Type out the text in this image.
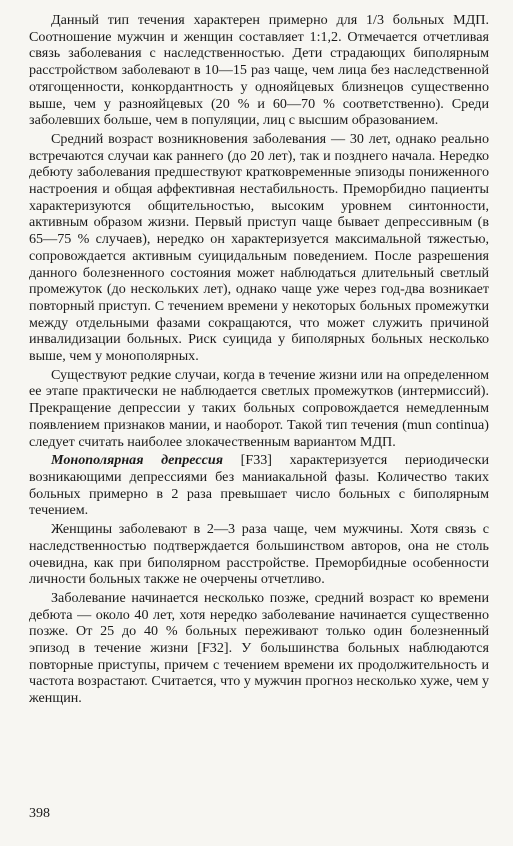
Данный тип течения характерен примерно для 1/3 больных МДП. Соотношение мужчин и женщин составляет 1:1,2. Отмечается отчетливая связь заболевания с наследственностью. Дети страдающих биполярным расстройством заболевают в 10—15 раз чаще, чем лица без наследственной отягощенности, конкордантность у однояйцевых близнецов существенно выше, чем у разнояйцевых (20 % и 60—70 % соответственно). Среди заболевших больше, чем в популяции, лиц с высшим образованием.

Средний возраст возникновения заболевания — 30 лет, однако реально встречаются случаи как раннего (до 20 лет), так и позднего начала. Нередко дебюту заболевания предшествуют кратковременные эпизоды пониженного настроения и общая аффективная нестабильность. Преморбидно пациенты характеризуются общительностью, высоким уровнем синтонности, активным образом жизни. Первый приступ чаще бывает депрессивным (в 65—75 % случаев), нередко он характеризуется максимальной тяжестью, сопровождается активным суицидальным поведением. После разрешения данного болезненного состояния может наблюдаться длительный светлый промежуток (до нескольких лет), однако чаще уже через год-два возникает повторный приступ. С течением времени у некоторых больных промежутки между отдельными фазами сокращаются, что может служить причиной инвалидизации больных. Риск суицида у биполярных больных несколько выше, чем у монополярных.

Существуют редкие случаи, когда в течение жизни или на определенном ее этапе практически не наблюдается светлых промежутков (интермиссий). Прекращение депрессии у таких больных сопровождается немедленным появлением признаков мании, и наоборот. Такой тип течения (mun continua) следует считать наиболее злокачественным вариантом МДП.

Монополярная депрессия [F33] характеризуется периодически возникающими депрессиями без маниакальной фазы. Количество таких больных примерно в 2 раза превышает число больных с биполярным течением.

Женщины заболевают в 2—3 раза чаще, чем мужчины. Хотя связь с наследственностью подтверждается большинством авторов, она не столь очевидна, как при биполярном расстройстве. Преморбидные особенности личности больных также не очерчены отчетливо.

Заболевание начинается несколько позже, средний возраст ко времени дебюта — около 40 лет, хотя нередко заболевание начинается существенно позже. От 25 до 40 % больных переживают только один болезненный эпизод в течение жизни [F32]. У большинства больных наблюдаются повторные приступы, причем с течением времени их продолжительность и частота возрастают. Считается, что у мужчин прогноз несколько хуже, чем у женщин.

398
